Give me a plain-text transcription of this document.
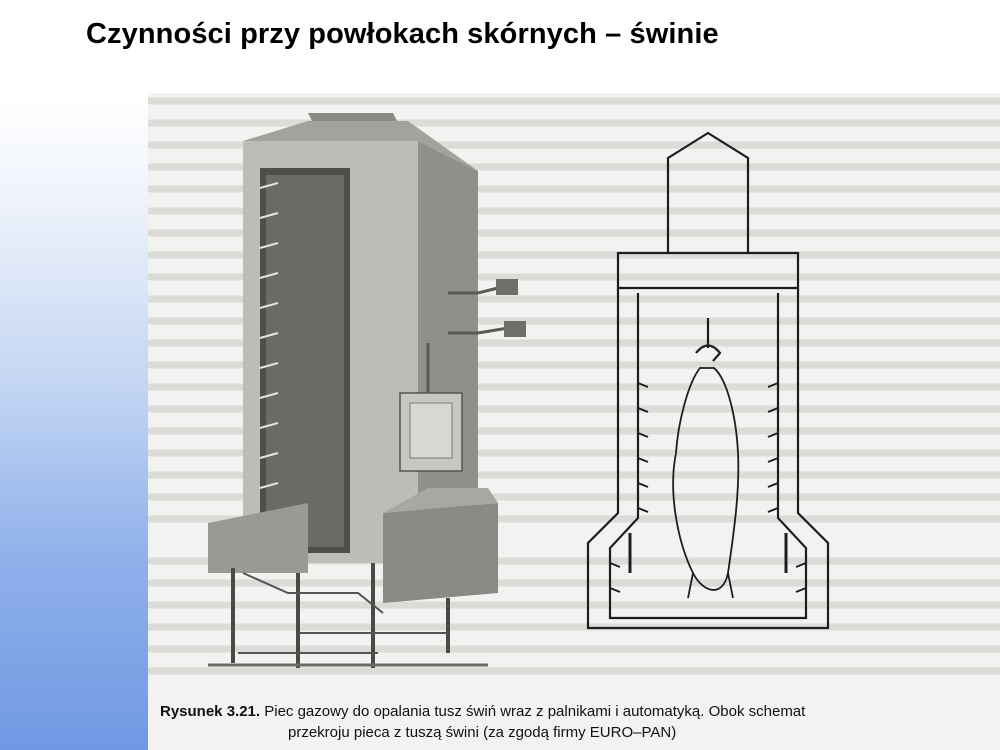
Czynności przy powłokach skórnych – świnie
Rysunek 3.21. Piec gazowy do opalania tusz świń wraz z palnikami i automatyką. Obok schemat
przekroju pieca z tuszą świni (za zgodą firmy EURO–PAN)
